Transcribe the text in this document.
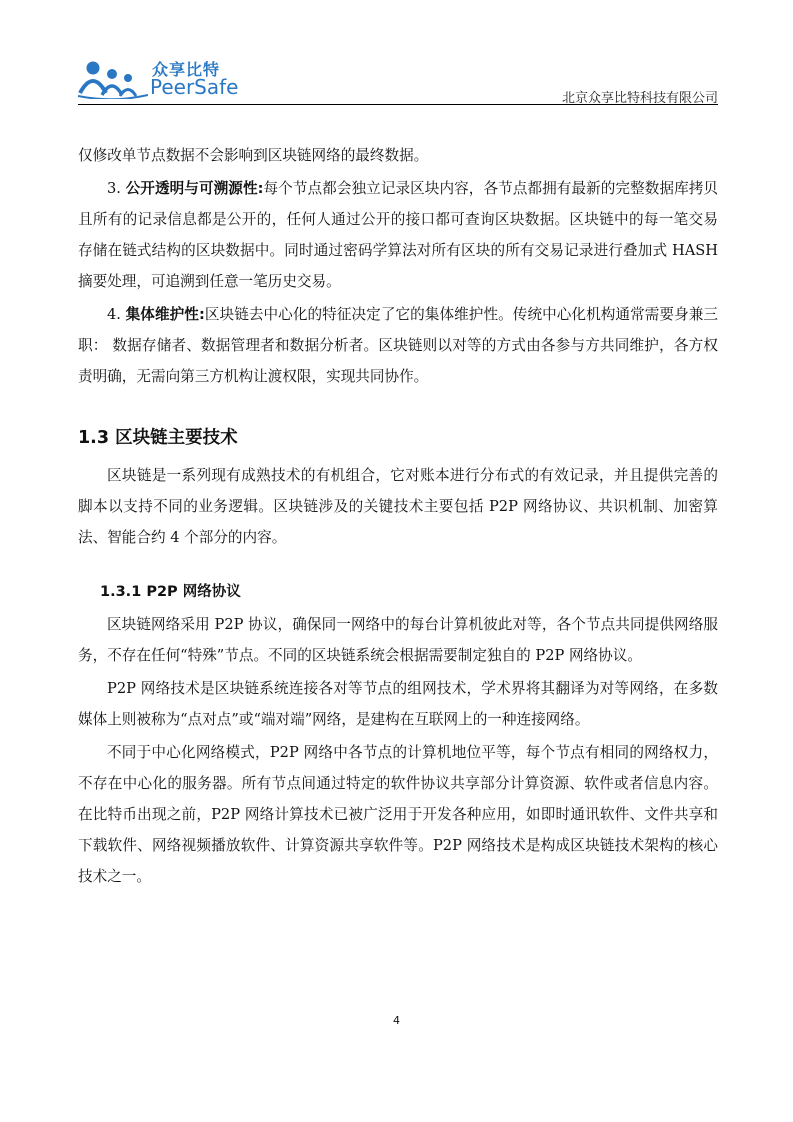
众享比特
PeerSafe	北京众享比特科技有限公司

仅修改单节点数据不会影响到区块链网络的最终数据。

3. 公开透明与可溯源性:每个节点都会独立记录区块内容，各节点都拥有最新的完整数据库拷贝且所有的记录信息都是公开的，任何人通过公开的接口都可查询区块数据。区块链中的每一笔交易存储在链式结构的区块数据中。同时通过密码学算法对所有区块的所有交易记录进行叠加式 HASH 摘要处理，可追溯到任意一笔历史交易。

4. 集体维护性:区块链去中心化的特征决定了它的集体维护性。传统中心化机构通常需要身兼三职： 数据存储者、数据管理者和数据分析者。区块链则以对等的方式由各参与方共同维护，各方权责明确，无需向第三方机构让渡权限，实现共同协作。

1.3 区块链主要技术

区块链是一系列现有成熟技术的有机组合，它对账本进行分布式的有效记录，并且提供完善的脚本以支持不同的业务逻辑。区块链涉及的关键技术主要包括 P2P 网络协议、共识机制、加密算法、智能合约 4 个部分的内容。

1.3.1 P2P 网络协议

区块链网络采用 P2P 协议，确保同一网络中的每台计算机彼此对等，各个节点共同提供网络服务，不存在任何“特殊”节点。不同的区块链系统会根据需要制定独自的 P2P 网络协议。

P2P 网络技术是区块链系统连接各对等节点的组网技术，学术界将其翻译为对等网络，在多数媒体上则被称为“点对点”或“端对端”网络，是建构在互联网上的一种连接网络。

不同于中心化网络模式，P2P 网络中各节点的计算机地位平等，每个节点有相同的网络权力，不存在中心化的服务器。所有节点间通过特定的软件协议共享部分计算资源、软件或者信息内容。在比特币出现之前，P2P 网络计算技术已被广泛用于开发各种应用，如即时通讯软件、文件共享和下载软件、网络视频播放软件、计算资源共享软件等。P2P 网络技术是构成区块链技术架构的核心技术之一。

4
